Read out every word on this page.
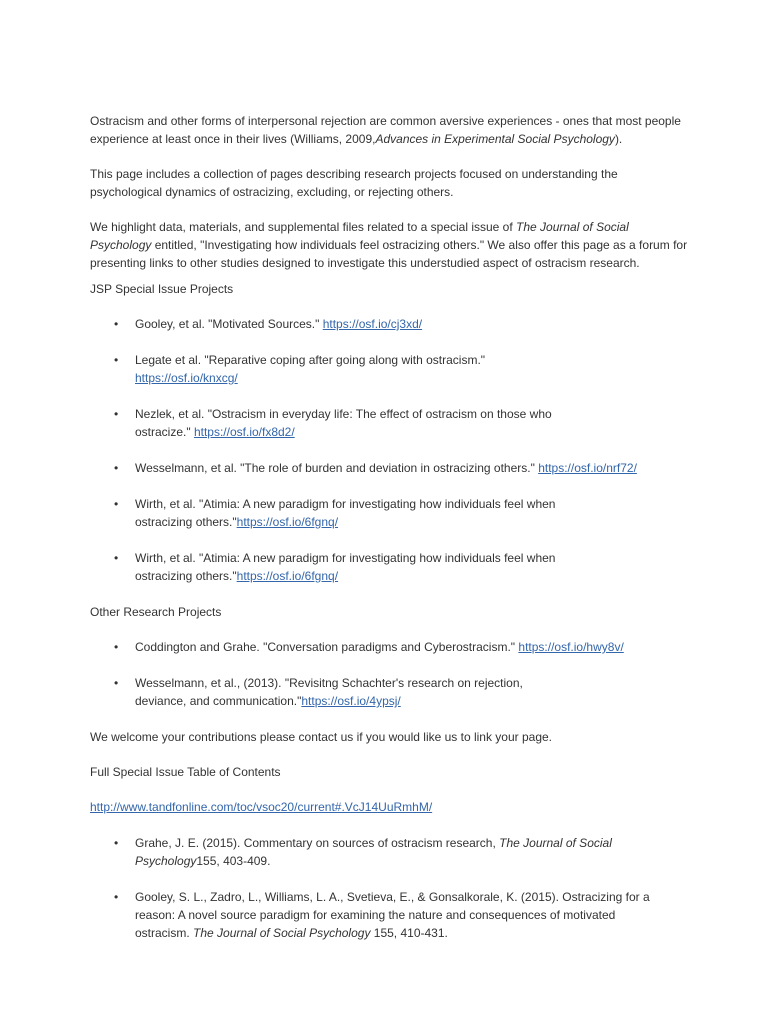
Ostracism and other forms of interpersonal rejection are common aversive experiences - ones that most people experience at least once in their lives (Williams, 2009,Advances in Experimental Social Psychology).

This page includes a collection of pages describing research projects focused on understanding the psychological dynamics of ostracizing, excluding, or rejecting others.

We highlight data, materials, and supplemental files related to a special issue of The Journal of Social Psychology entitled, "Investigating how individuals feel ostracizing others." We also offer this page as a forum for presenting links to other studies designed to investigate this understudied aspect of ostracism research.

JSP Special Issue Projects

• Gooley, et al. "Motivated Sources." https://osf.io/cj3xd/
• Legate et al. "Reparative coping after going along with ostracism." https://osf.io/knxcg/
• Nezlek, et al. "Ostracism in everyday life: The effect of ostracism on those who ostracize." https://osf.io/fx8d2/
• Wesselmann, et al. "The role of burden and deviation in ostracizing others." https://osf.io/nrf72/
• Wirth, et al. "Atimia: A new paradigm for investigating how individuals feel when ostracizing others."https://osf.io/6fgnq/
• Wirth, et al. "Atimia: A new paradigm for investigating how individuals feel when ostracizing others."https://osf.io/6fgnq/

Other Research Projects

• Coddington and Grahe. "Conversation paradigms and Cyberostracism." https://osf.io/hwy8v/
• Wesselmann, et al., (2013). "Revisitng Schachter's research on rejection, deviance, and communication."https://osf.io/4ypsj/

We welcome your contributions please contact us if you would like us to link your page.

Full Special Issue Table of Contents

http://www.tandfonline.com/toc/vsoc20/current#.VcJ14UuRmhM/

• Grahe, J. E. (2015). Commentary on sources of ostracism research, The Journal of Social Psychology155, 403-409.
• Gooley, S. L., Zadro, L., Williams, L. A., Svetieva, E., & Gonsalkorale, K. (2015). Ostracizing for a reason: A novel source paradigm for examining the nature and consequences of motivated ostracism. The Journal of Social Psychology 155, 410-431.
